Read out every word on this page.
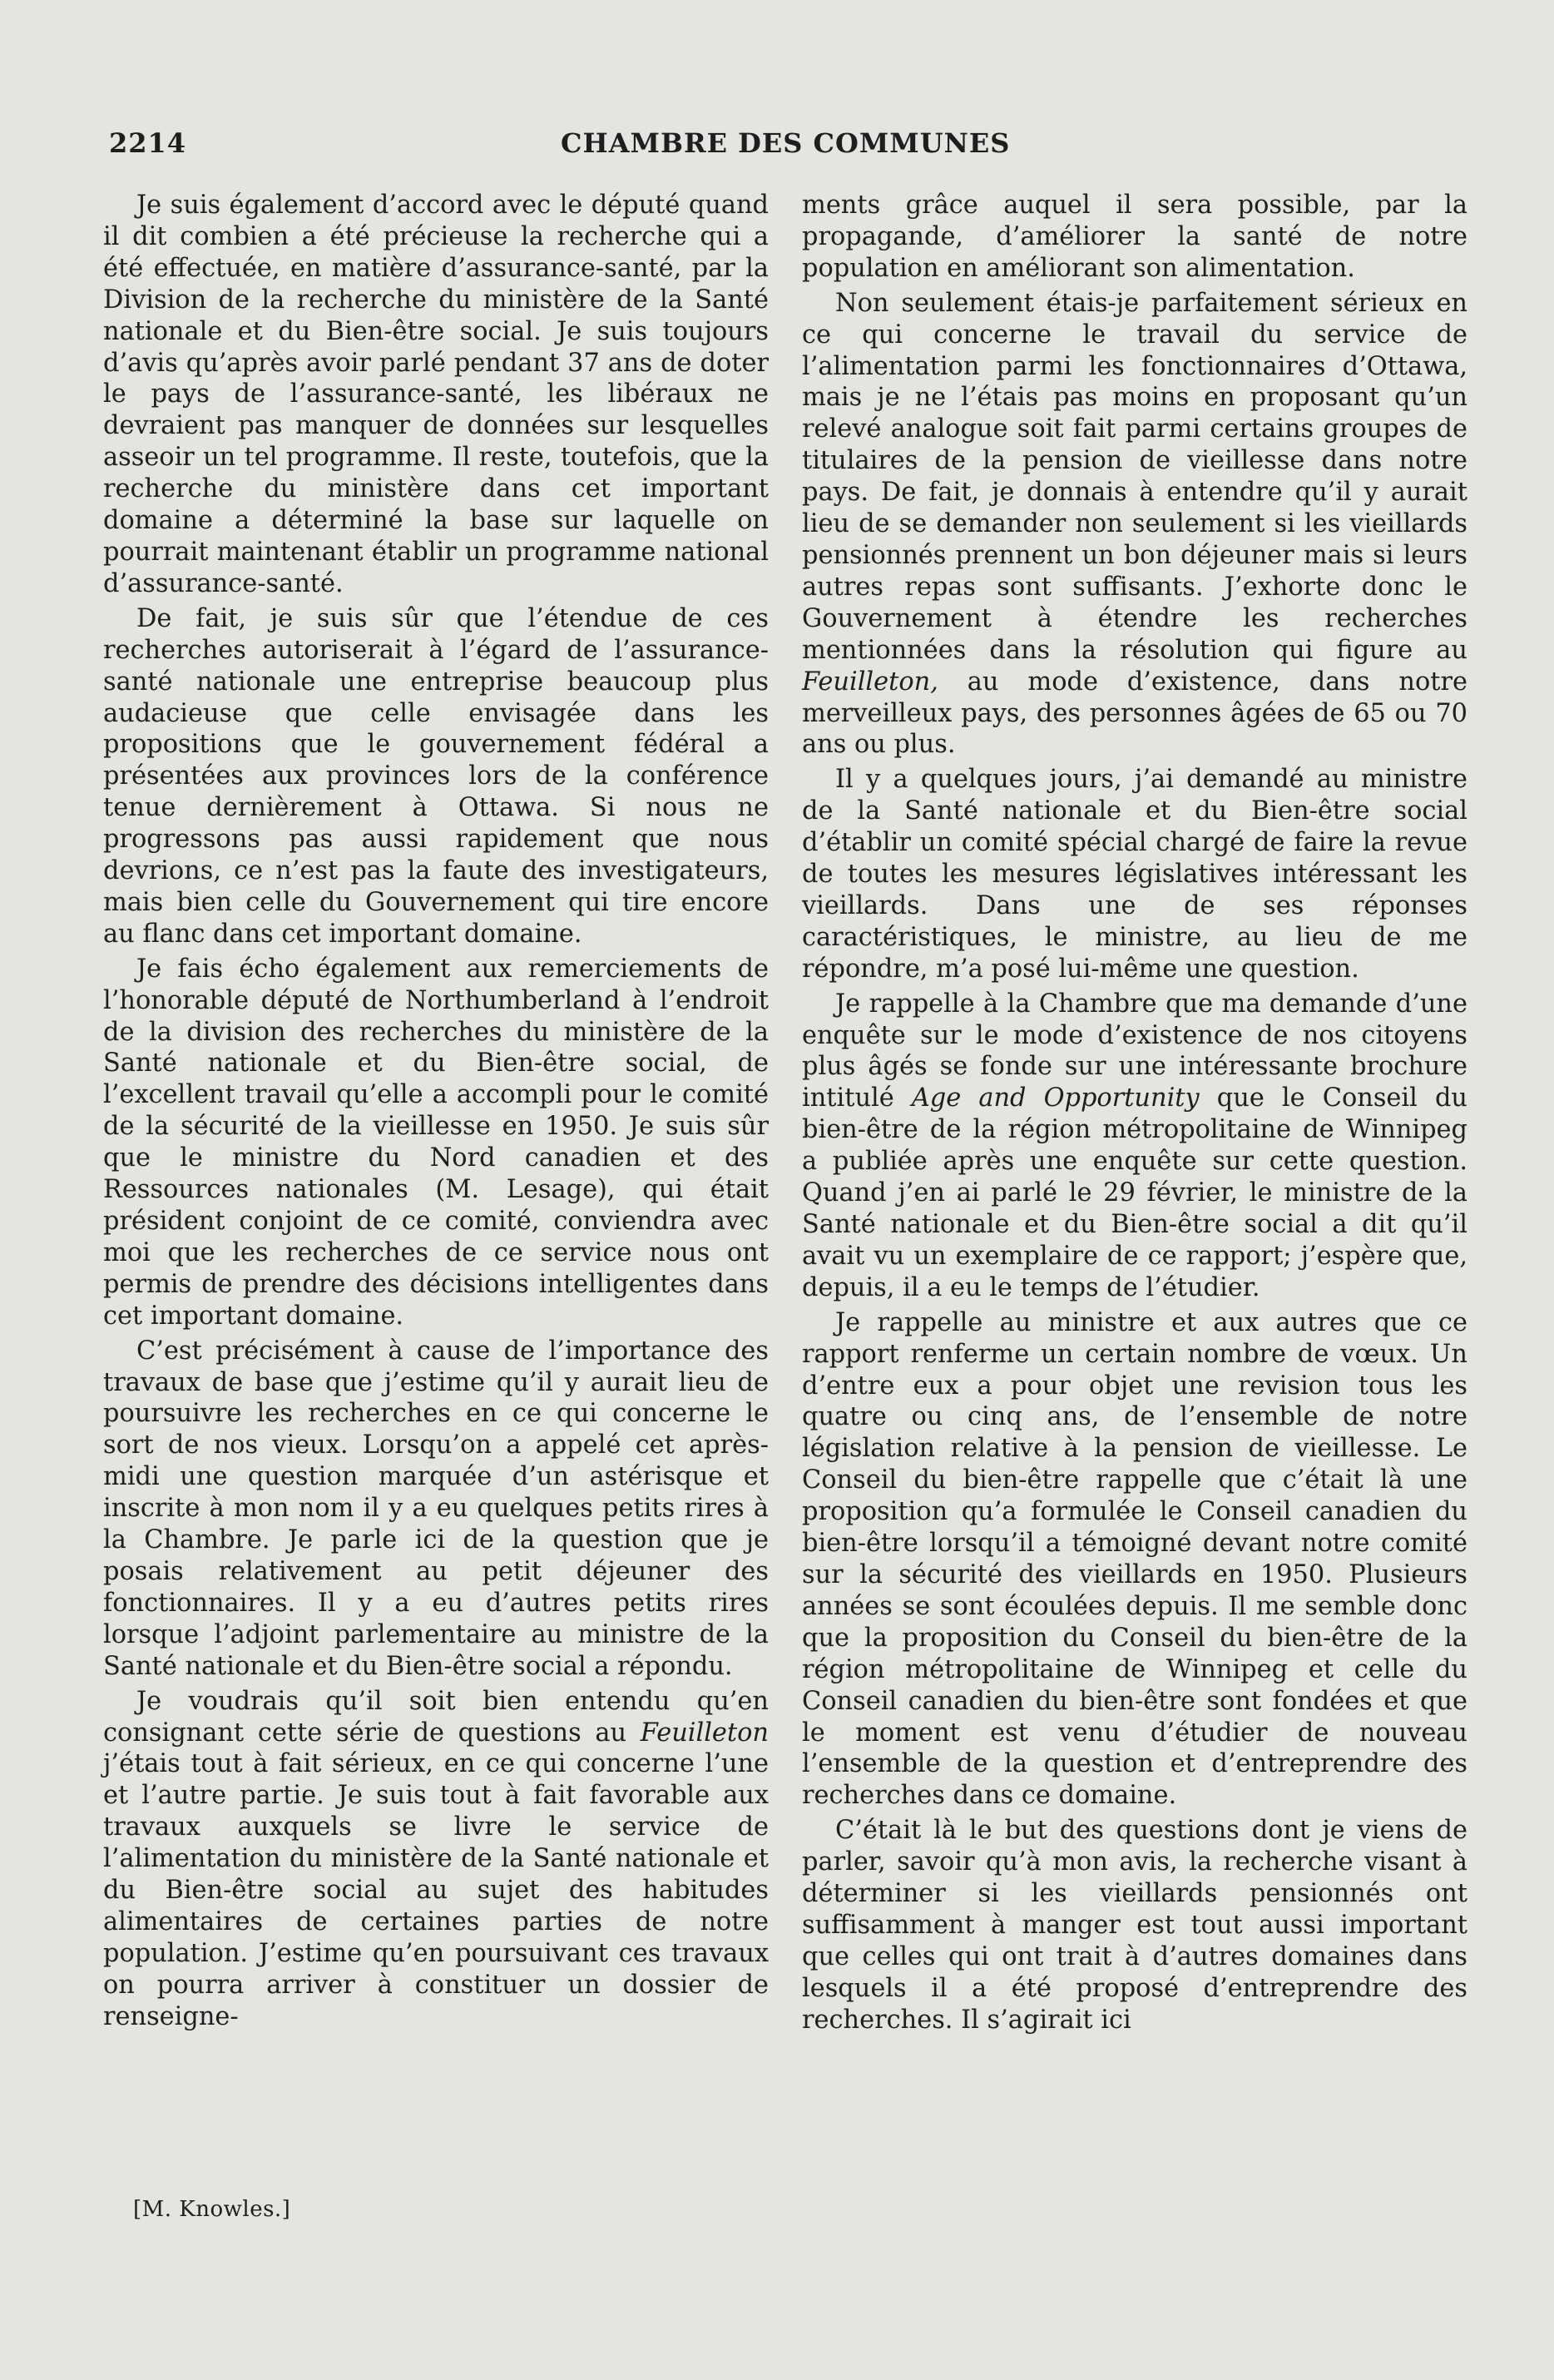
2214	CHAMBRE DES COMMUNES

Je suis également d’accord avec le député quand il dit combien a été précieuse la recherche qui a été effectuée, en matière d’assurance-santé, par la Division de la recherche du ministère de la Santé nationale et du Bien-être social. Je suis toujours d’avis qu’après avoir parlé pendant 37 ans de doter le pays de l’assurance-santé, les libéraux ne devraient pas manquer de données sur lesquelles asseoir un tel programme. Il reste, toutefois, que la recherche du ministère dans cet important domaine a déterminé la base sur laquelle on pourrait maintenant établir un programme national d’assurance-santé.

De fait, je suis sûr que l’étendue de ces recherches autoriserait à l’égard de l’assurance-santé nationale une entreprise beaucoup plus audacieuse que celle envisagée dans les propositions que le gouvernement fédéral a présentées aux provinces lors de la conférence tenue dernièrement à Ottawa. Si nous ne progressons pas aussi rapidement que nous devrions, ce n’est pas la faute des investigateurs, mais bien celle du Gouvernement qui tire encore au flanc dans cet important domaine.

Je fais écho également aux remerciements de l’honorable député de Northumberland à l’endroit de la division des recherches du ministère de la Santé nationale et du Bien-être social, de l’excellent travail qu’elle a accompli pour le comité de la sécurité de la vieillesse en 1950. Je suis sûr que le ministre du Nord canadien et des Ressources nationales (M. Lesage), qui était président conjoint de ce comité, conviendra avec moi que les recherches de ce service nous ont permis de prendre des décisions intelligentes dans cet important domaine.

C’est précisément à cause de l’importance des travaux de base que j’estime qu’il y aurait lieu de poursuivre les recherches en ce qui concerne le sort de nos vieux. Lorsqu’on a appelé cet après-midi une question marquée d’un astérisque et inscrite à mon nom il y a eu quelques petits rires à la Chambre. Je parle ici de la question que je posais relativement au petit déjeuner des fonctionnaires. Il y a eu d’autres petits rires lorsque l’adjoint parlementaire au ministre de la Santé nationale et du Bien-être social a répondu.

Je voudrais qu’il soit bien entendu qu’en consignant cette série de questions au Feuilleton j’étais tout à fait sérieux, en ce qui concerne l’une et l’autre partie. Je suis tout à fait favorable aux travaux auxquels se livre le service de l’alimentation du ministère de la Santé nationale et du Bien-être social au sujet des habitudes alimentaires de certaines parties de notre population. J’estime qu’en poursuivant ces travaux on pourra arriver à constituer un dossier de renseigne-

ments grâce auquel il sera possible, par la propagande, d’améliorer la santé de notre population en améliorant son alimentation.

Non seulement étais-je parfaitement sérieux en ce qui concerne le travail du service de l’alimentation parmi les fonctionnaires d’Ottawa, mais je ne l’étais pas moins en proposant qu’un relevé analogue soit fait parmi certains groupes de titulaires de la pension de vieillesse dans notre pays. De fait, je donnais à entendre qu’il y aurait lieu de se demander non seulement si les vieillards pensionnés prennent un bon déjeuner mais si leurs autres repas sont suffisants. J’exhorte donc le Gouvernement à étendre les recherches mentionnées dans la résolution qui figure au Feuilleton, au mode d’existence, dans notre merveilleux pays, des personnes âgées de 65 ou 70 ans ou plus.

Il y a quelques jours, j’ai demandé au ministre de la Santé nationale et du Bien-être social d’établir un comité spécial chargé de faire la revue de toutes les mesures législatives intéressant les vieillards. Dans une de ses réponses caractéristiques, le ministre, au lieu de me répondre, m’a posé lui-même une question.

Je rappelle à la Chambre que ma demande d’une enquête sur le mode d’existence de nos citoyens plus âgés se fonde sur une intéressante brochure intitulé Age and Opportunity que le Conseil du bien-être de la région métropolitaine de Winnipeg a publiée après une enquête sur cette question. Quand j’en ai parlé le 29 février, le ministre de la Santé nationale et du Bien-être social a dit qu’il avait vu un exemplaire de ce rapport; j’espère que, depuis, il a eu le temps de l’étudier.

Je rappelle au ministre et aux autres que ce rapport renferme un certain nombre de vœux. Un d’entre eux a pour objet une revision tous les quatre ou cinq ans, de l’ensemble de notre législation relative à la pension de vieillesse. Le Conseil du bien-être rappelle que c’était là une proposition qu’a formulée le Conseil canadien du bien-être lorsqu’il a témoigné devant notre comité sur la sécurité des vieillards en 1950. Plusieurs années se sont écoulées depuis. Il me semble donc que la proposition du Conseil du bien-être de la région métropolitaine de Winnipeg et celle du Conseil canadien du bien-être sont fondées et que le moment est venu d’étudier de nouveau l’ensemble de la question et d’entreprendre des recherches dans ce domaine.

C’était là le but des questions dont je viens de parler, savoir qu’à mon avis, la recherche visant à déterminer si les vieillards pensionnés ont suffisamment à manger est tout aussi important que celles qui ont trait à d’autres domaines dans lesquels il a été proposé d’entreprendre des recherches. Il s’agirait ici

[M. Knowles.]
